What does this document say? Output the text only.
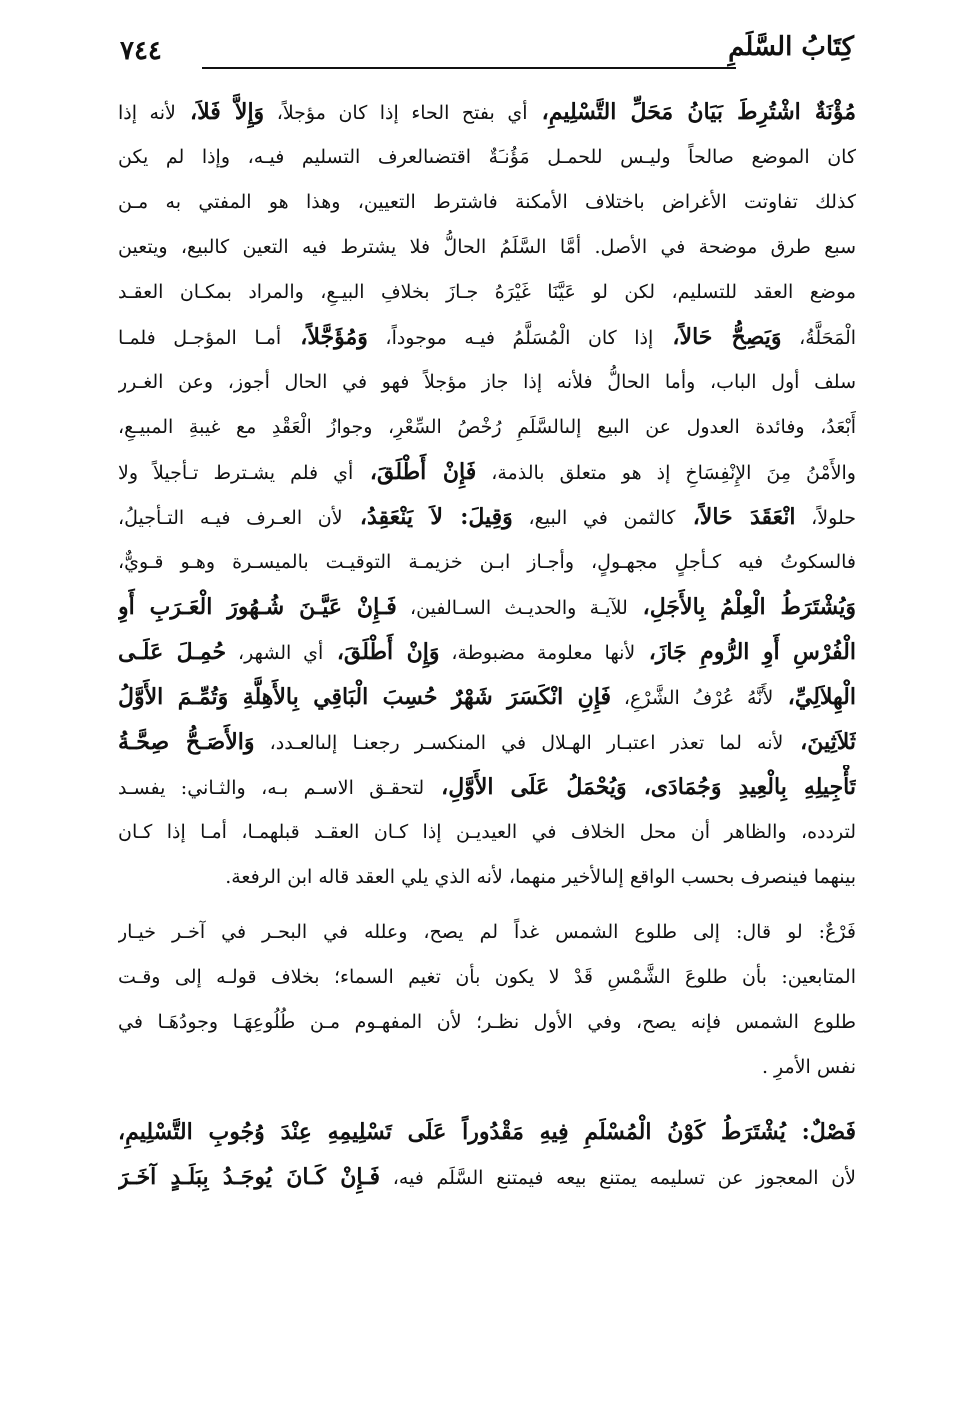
كِتَابُ السَّلَمِ
٧٤٤
مُؤْنَةٌ اشْتُرِطَ بَيَانُ مَحَلِّ التَّسْلِيمِ، أي بفتح الحاء إذا كان مؤجلاً، وَإِلاَّ فَلاَ، لأنه إذا
كان الموضع صالحاً وليـس للحمـل مَؤُنـَةٌ اقتضىالعرف التسليم فيـه، وإذا لم يكن
كذلك تفاوتت الأغراض باختلاف الأمكنة فاشترط التعيين، وهذا هو المفتي به مـن
سبع طرق موضحة في الأصل. أمَّا السَّلَمُ الحالُّ فلا يشترط فيه التعين كالبيع، ويتعين
موضع العقد للتسليم، لكن لو عَيَّنَا غَيْرَهُ جـازَ بخلافِ البيـعِ، والمراد بمكـان العقـد
الْمَحَلَّةُ، وَيَصِحُّ حَالاً، إذا كان الْمُسَلَّمُ فيـه موجوداً، وَمُؤَجَّلاً، أمـا المؤجـل فلمـا
سلف أول الباب، وأما الحالُّ فلأنه إذا جاز مؤجلاً فهو في الحال أجوز، وعن الغـرر
أَبْعَدُ، وفائدة العدول عن البيع إلىالسَّلَمِ رُخْصُ السِّعْرِ، وجوازُ الْعَقْدِ مع غيبةِ المبيـعِ،
والأَمْنُ مِنَ الإِنْفِسَاخِ إذ هو متعلق بالذمة، فَإِنْ أَطْلَقَ، أي فلم يشـترط تـأجيلاً ولا
حلولاً، انْعَقَدَ حَالاً، كالثمن في البيع، وَقِيلَ: لاَ يَنْعَقِدُ، لأن العـرف فيـه التـأجيلُ،
فالسكوتُ فيه كـأجلٍ مجهـولٍ، وأجـاز ابـن خزيمـة التوقيـت بالميسـرة وهـو قـويٌّ،
وَيُشْتَرَطُ الْعِلْمُ بِالأَجَلِ، للآيـة والحديـث السـالفين، فَـإِنْ عَيَّـنَ شُـهُورَ الْعَـرَبِ أَوِ
الْفُرْسِ أَوِ الرُّومِ جَازَ، لأنها معلومة مضبوطة، وَإِنْ أَطْلَقَ، أي الشهر، حُمِـلَ عَلَـى
الْهِلاَلِيِّ، لأَنَّهُ عُرْفُ الشَّرْعِ، فَإِنِ انْكَسَرَ شَهْرٌ حُسِبَ الْبَاقِي بِالأَهِلَّةِ وَتُمِّـمَ الأَوَّلُ
ثَلاَثِينَ، لأنه لما تعذر اعتبـار الهـلال في المنكسـر رجعنـا إلىالعـدد، وَالأَصَـحُّ صِحَّـةُ
تَأْجِيلِهِ بِالْعِيدِ وَجُمَادَى، وَيُحْمَلُ عَلَى الأَوَّلِ، لتحقـق الاسـم بـه، والثـاني: يفسـد
لتردده، والظاهر أن محل الخلاف في العيديـن إذا كـان العقـد قبلهمـا، أمـا إذا كـان
بينهما فينصرف بحسب الواقع إلىالأخير منهما، لأنه الذي يلي العقد قاله ابن الرفعة.
فَرْعٌ: لو قال: إلى طلوع الشمس غداً لم يصح، وعلله في البحـر في آخـر خيـار
المتابعين: بأن طلوعَ الشَّمْسِ قَدْ لا يكون بأن تغيم السماء؛ بخلاف قولـه إلى وقـت
طلوع الشمس فإنه يصح، وفي الأول نظـر؛ لأن المفهـوم مـن طُلُوعِهَـا وجودُهَـا في
نفس الأمرِ .
فَصْلٌ: يُشْتَرَطُ كَوْنُ الْمُسْلَمِ فِيهِ مَقْدُوراً عَلَى تَسْلِيمِهِ عِنْدَ وُجُوبِ التَّسْلِيمِ،
لأن المعجوز عن تسليمه يمتنع بيعه فيمتنع السَّلَم فيه، فَـإِنْ كَـانَ يُوجَـدُ بِبَلَـدٍ آخَـرَ
